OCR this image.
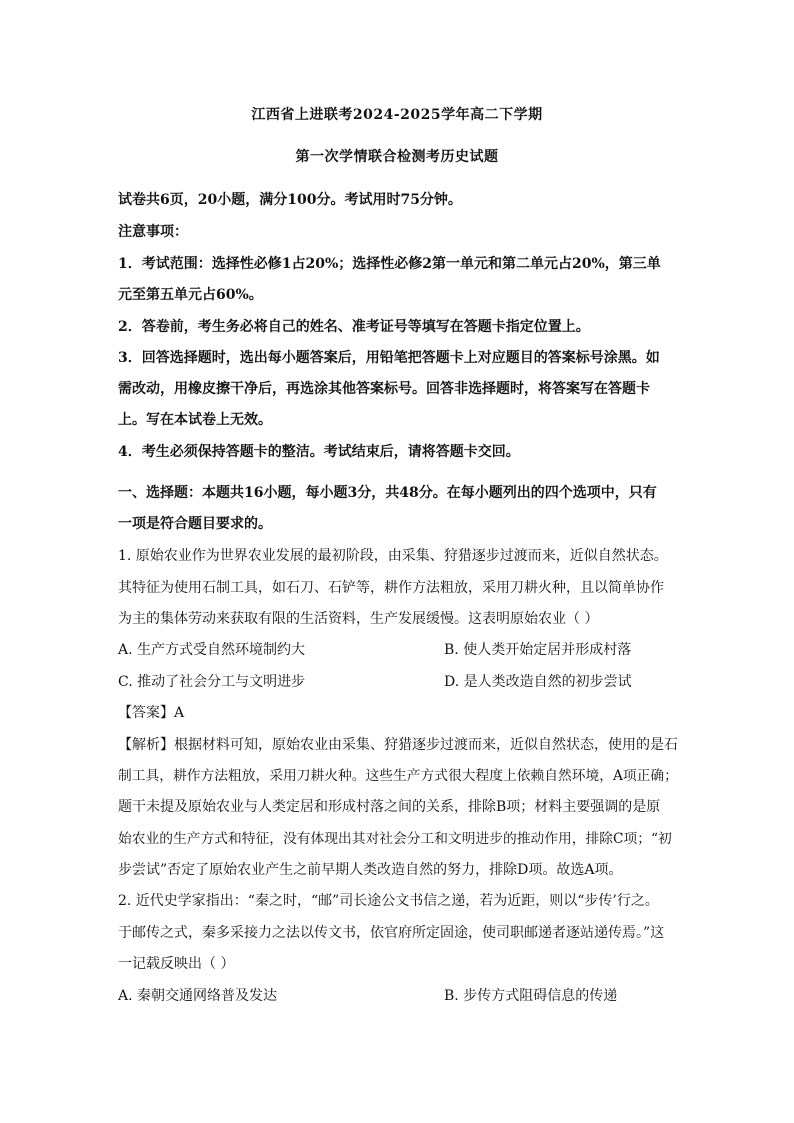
江西省上进联考2024-2025学年高二下学期
第一次学情联合检测考历史试题
试卷共6页，20小题，满分100分。考试用时75分钟。
注意事项：
1．考试范围：选择性必修1占20%；选择性必修2第一单元和第二单元占20%，第三单
元至第五单元占60%。
2．答卷前，考生务必将自己的姓名、准考证号等填写在答题卡指定位置上。
3．回答选择题时，选出每小题答案后，用铅笔把答题卡上对应题目的答案标号涂黑。如
需改动，用橡皮擦干净后，再选涂其他答案标号。回答非选择题时，将答案写在答题卡
上。写在本试卷上无效。
4．考生必须保持答题卡的整洁。考试结束后，请将答题卡交回。
一、选择题：本题共16小题，每小题3分，共48分。在每小题列出的四个选项中，只有
一项是符合题目要求的。
1. 原始农业作为世界农业发展的最初阶段，由采集、狩猎逐步过渡而来，近似自然状态。
其特征为使用石制工具，如石刀、石铲等，耕作方法粗放，采用刀耕火种，且以简单协作
为主的集体劳动来获取有限的生活资料，生产发展缓慢。这表明原始农业（ ）
A. 生产方式受自然环境制约大	B. 使人类开始定居并形成村落
C. 推动了社会分工与文明进步	D. 是人类改造自然的初步尝试
【答案】A
【解析】根据材料可知，原始农业由采集、狩猎逐步过渡而来，近似自然状态，使用的是石
制工具，耕作方法粗放，采用刀耕火种。这些生产方式很大程度上依赖自然环境，A项正确；
题干未提及原始农业与人类定居和形成村落之间的关系，排除B项；材料主要强调的是原
始农业的生产方式和特征，没有体现出其对社会分工和文明进步的推动作用，排除C项；“初
步尝试”否定了原始农业产生之前早期人类改造自然的努力，排除D项。故选A项。
2. 近代史学家指出：“秦之时，“邮”司长途公文书信之递，若为近距，则以“步传’行之。
于邮传之式，秦多采接力之法以传文书，依官府所定固途，使司职邮递者逐站递传焉。”这
一记载反映出（ ）
A. 秦朝交通网络普及发达	B. 步传方式阻碍信息的传递
